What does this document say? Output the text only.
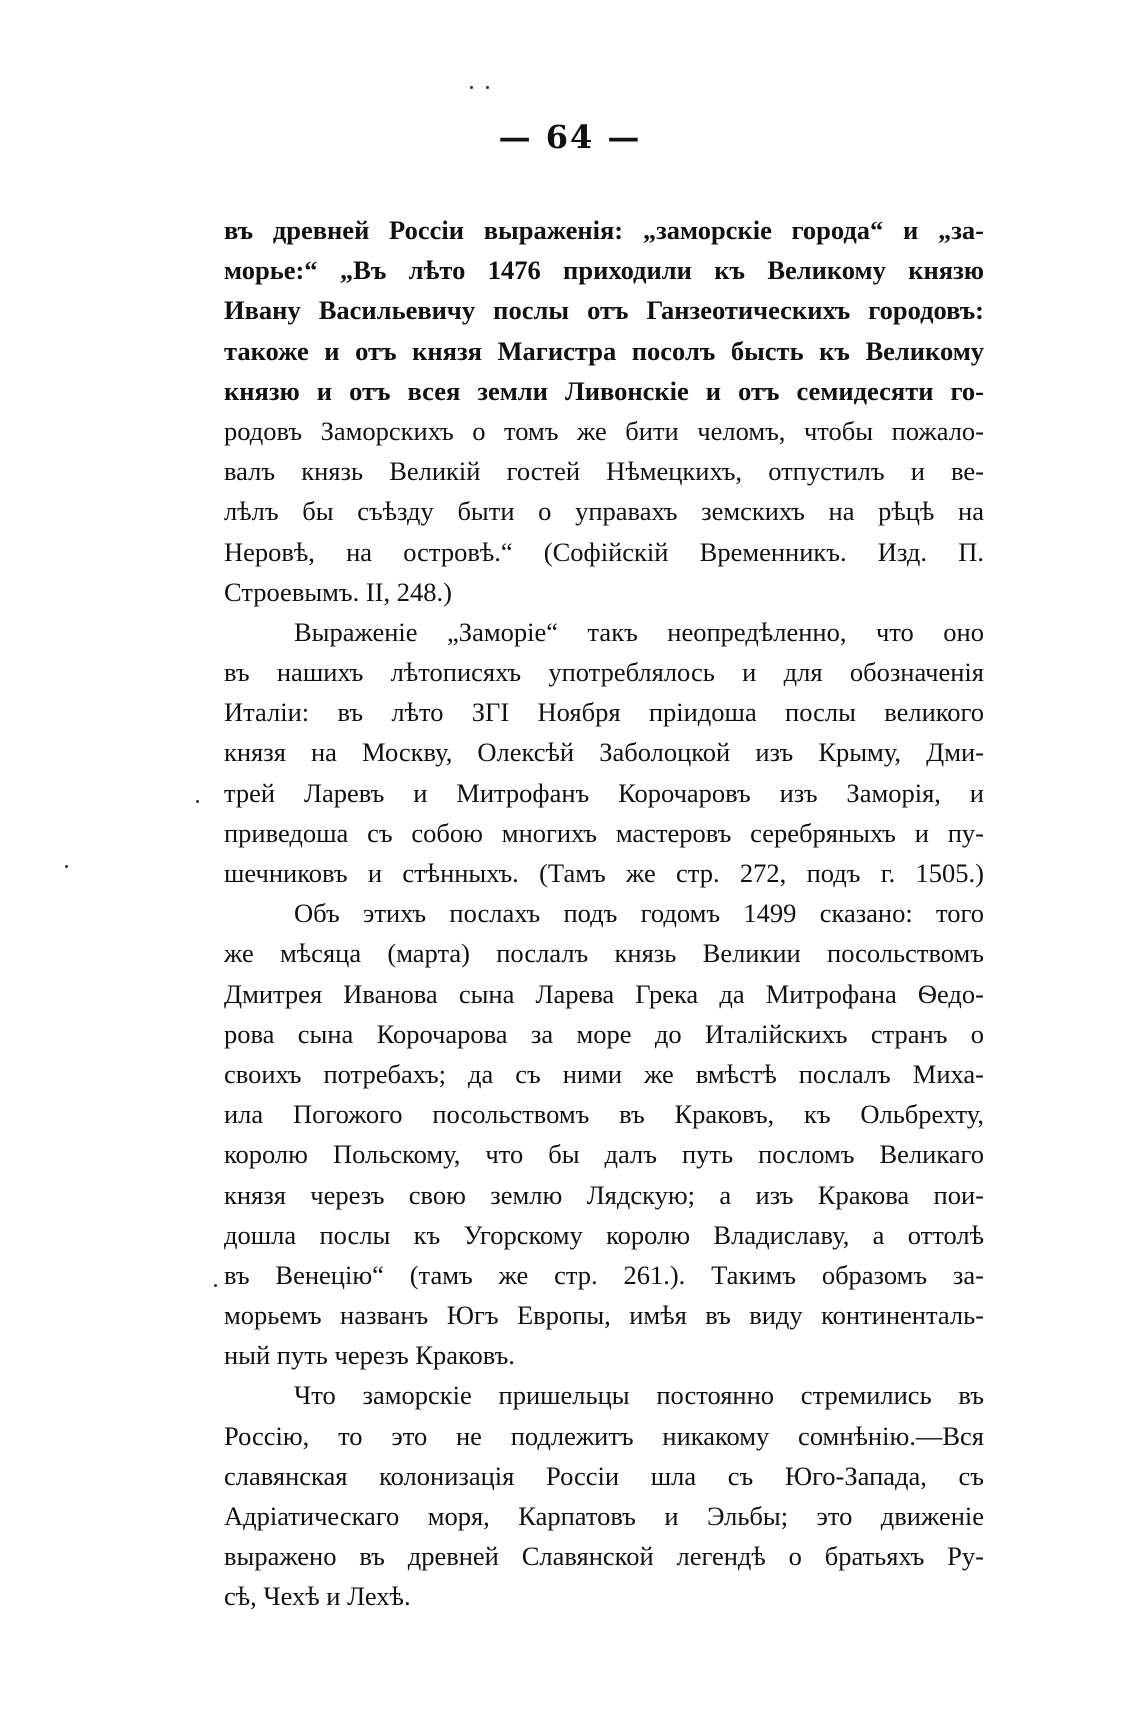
— 64 —
въ древней Россіи выраженія: „заморскіе города“ и „за-
морье:“ „Въ лѣто 1476 приходили къ Великому князю
Ивану Васильевичу послы отъ Ганзеотическихъ городовъ:
такоже и отъ князя Магистра посолъ бысть къ Великому
князю и отъ всея земли Ливонскіе и отъ семидесяти го-
родовъ Заморскихъ о томъ же бити челомъ, чтобы пожало-
валъ князь Великій гостей Нѣмецкихъ, отпустилъ и ве-
лѣлъ бы съѣзду быти о управахъ земскихъ на рѣцѣ на
Неровѣ, на островѣ.“ (Софійскій Временникъ. Изд. П.
Строевымъ. II, 248.)
Выраженіе „Заморіе“ такъ неопредѣленно, что оно
въ нашихъ лѣтописяхъ употреблялось и для обозначенія
Италіи: въ лѣто ЗГІ Ноября пріидоша послы великого
князя на Москву, Олексѣй Заболоцкой изъ Крыму, Дми-
трей Ларевъ и Митрофанъ Корочаровъ изъ Заморія, и
приведоша съ собою многихъ мастеровъ серебряныхъ и пу-
шечниковъ и стѣнныхъ. (Тамъ же стр. 272, подъ г. 1505.)
Объ этихъ послахъ подъ годомъ 1499 сказано: того
же мѣсяца (марта) послалъ князь Великии посольствомъ
Дмитрея Иванова сына Ларева Грека да Митрофана Ѳедо-
рова сына Корочарова за море до Италійскихъ странъ о
своихъ потребахъ; да съ ними же вмѣстѣ послалъ Миха-
ила Погожого посольствомъ въ Краковъ, къ Ольбрехту,
королю Польскому, что бы далъ путь посломъ Великаго
князя черезъ свою землю Лядскую; а изъ Кракова пои-
дошла послы къ Угорскому королю Владиславу, а оттолѣ
въ Венецію“ (тамъ же стр. 261.). Такимъ образомъ за-
морьемъ названъ Югъ Европы, имѣя въ виду континенталь-
ный путь черезъ Краковъ.
Что заморскіе пришельцы постоянно стремились въ
Россію, то это не подлежитъ никакому сомнѣнію.—Вся
славянская колонизація Россіи шла съ Юго-Запада, съ
Адріатическаго моря, Карпатовъ и Эльбы; это движеніе
выражено въ древней Славянской легендѣ о братьяхъ Ру-
сѣ, Чехѣ и Лехѣ.
